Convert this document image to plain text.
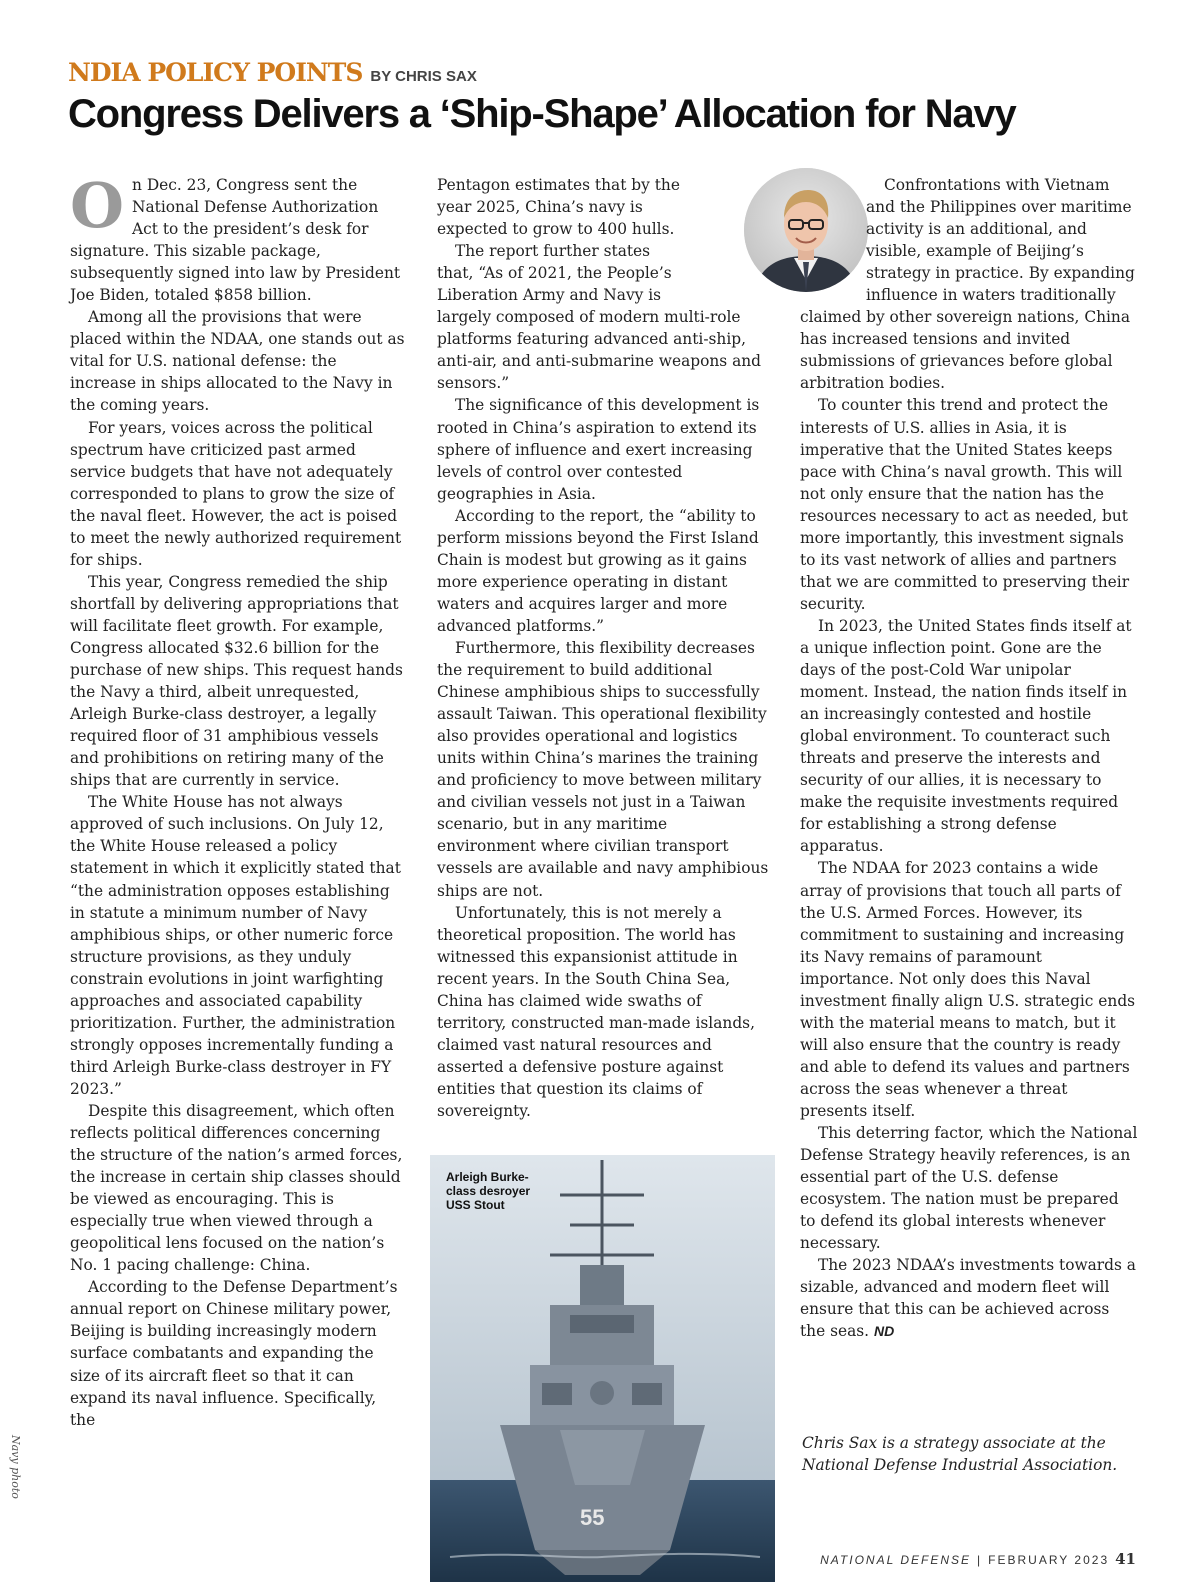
NDIA POLICY POINTS BY CHRIS SAX
Congress Delivers a ‘Ship-Shape’ Allocation for Navy
O n Dec. 23, Congress sent the National Defense Authorization Act to the president’s desk for signature. This sizable package, subsequently signed into law by President Joe Biden, totaled $858 billion.

Among all the provisions that were placed within the NDAA, one stands out as vital for U.S. national defense: the increase in ships allocated to the Navy in the coming years.

For years, voices across the political spectrum have criticized past armed service budgets that have not adequately corresponded to plans to grow the size of the naval fleet. However, the act is poised to meet the newly authorized requirement for ships.

This year, Congress remedied the ship shortfall by delivering appropriations that will facilitate fleet growth. For example, Congress allocated $32.6 billion for the purchase of new ships. This request hands the Navy a third, albeit unrequested, Arleigh Burke-class destroyer, a legally required floor of 31 amphibious vessels and prohibitions on retiring many of the ships that are currently in service.

The White House has not always approved of such inclusions. On July 12, the White House released a policy statement in which it explicitly stated that “the administration opposes establishing in statute a minimum number of Navy amphibious ships, or other numeric force structure provisions, as they unduly constrain evolutions in joint warfighting approaches and associated capability prioritization. Further, the administration strongly opposes incrementally funding a third Arleigh Burke-class destroyer in FY 2023.”

Despite this disagreement, which often reflects political differences concerning the structure of the nation’s armed forces, the increase in certain ship classes should be viewed as encouraging. This is especially true when viewed through a geopolitical lens focused on the nation’s No. 1 pacing challenge: China.

According to the Defense Department’s annual report on Chinese military power, Beijing is building increasingly modern surface combatants and expanding the size of its aircraft fleet so that it can expand its naval influence. Specifically, the

Pentagon estimates that by the year 2025, China’s navy is expected to grow to 400 hulls.

The report further states that, “As of 2021, the People’s Liberation Army and Navy is largely composed of modern multi-role platforms featuring advanced anti-ship, anti-air, and anti-submarine weapons and sensors.”

The significance of this development is rooted in China’s aspiration to extend its sphere of influence and exert increasing levels of control over contested geographies in Asia.

According to the report, the “ability to perform missions beyond the First Island Chain is modest but growing as it gains more experience operating in distant waters and acquires larger and more advanced platforms.”

Furthermore, this flexibility decreases the requirement to build additional Chinese amphibious ships to successfully assault Taiwan. This operational flexibility also provides operational and logistics units within China’s marines the training and proficiency to move between military and civilian vessels not just in a Taiwan scenario, but in any maritime environment where civilian transport vessels are available and navy amphibious ships are not.

Unfortunately, this is not merely a theoretical proposition. The world has witnessed this expansionist attitude in recent years. In the South China Sea, China has claimed wide swaths of territory, constructed man-made islands, claimed vast natural resources and asserted a defensive posture against entities that question its claims of sovereignty.

Confrontations with Vietnam and the Philippines over maritime activity is an additional, and visible, example of Beijing’s strategy in practice. By expanding influence in waters traditionally claimed by other sovereign nations, China has increased tensions and invited submissions of grievances before global arbitration bodies.

To counter this trend and protect the interests of U.S. allies in Asia, it is imperative that the United States keeps pace with China’s naval growth. This will not only ensure that the nation has the resources necessary to act as needed, but more importantly, this investment signals to its vast network of allies and partners that we are committed to preserving their security.

In 2023, the United States finds itself at a unique inflection point. Gone are the days of the post-Cold War unipolar moment. Instead, the nation finds itself in an increasingly contested and hostile global environment. To counteract such threats and preserve the interests and security of our allies, it is necessary to make the requisite investments required for establishing a strong defense apparatus.

The NDAA for 2023 contains a wide array of provisions that touch all parts of the U.S. Armed Forces. However, its commitment to sustaining and increasing its Navy remains of paramount importance. Not only does this Naval investment finally align U.S. strategic ends with the material means to match, but it will also ensure that the country is ready and able to defend its values and partners across the seas whenever a threat presents itself.

This deterring factor, which the National Defense Strategy heavily references, is an essential part of the U.S. defense ecosystem. The nation must be prepared to defend its global interests whenever necessary.

The 2023 NDAA’s investments towards a sizable, advanced and modern fleet will ensure that this can be achieved across the seas. ND

Chris Sax is a strategy associate at the National Defense Industrial Association.

55
Arleigh Burke-
class desroyer
USS Stout
Navy photo
NATIONAL DEFENSE | FEBRUARY 2023 41
